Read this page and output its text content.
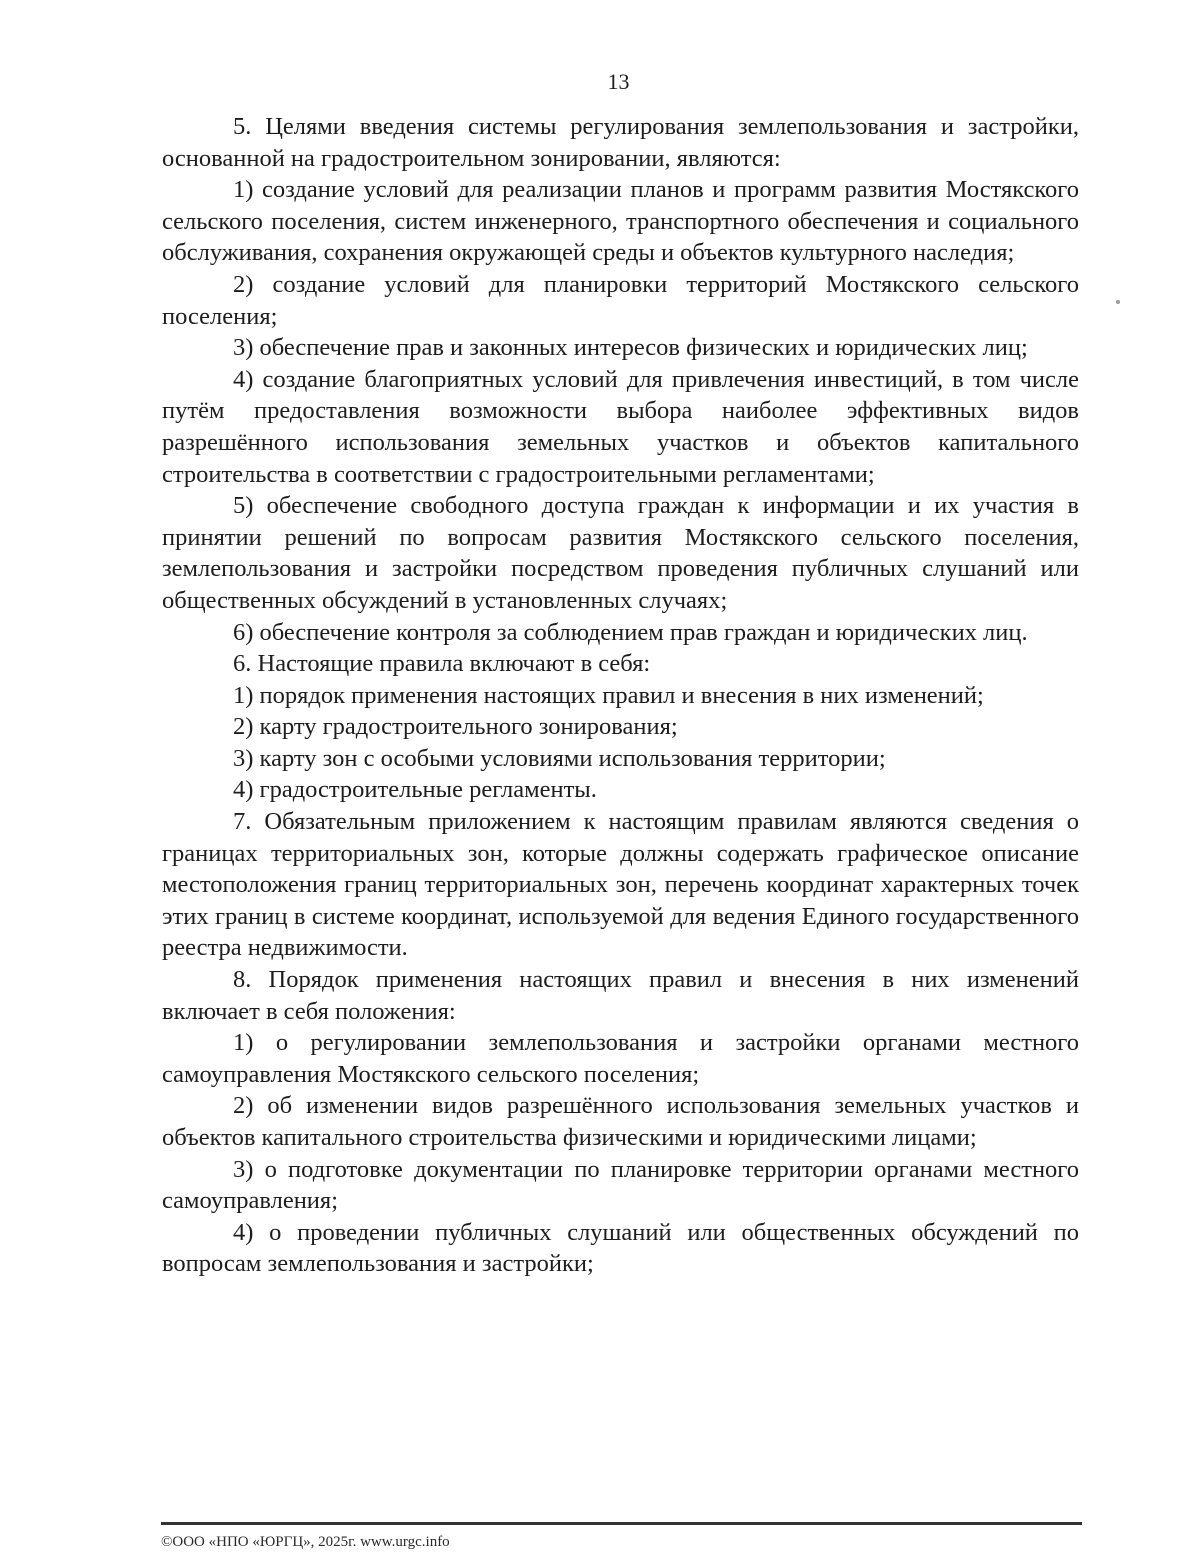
13

5. Целями введения системы регулирования землепользования и застройки, основанной на градостроительном зонировании, являются:

1) создание условий для реализации планов и программ развития Мостякского сельского поселения, систем инженерного, транспортного обеспечения и социального обслуживания, сохранения окружающей среды и объектов культурного наследия;

2) создание условий для планировки территорий Мостякского сельского поселения;

3) обеспечение прав и законных интересов физических и юридических лиц;

4) создание благоприятных условий для привлечения инвестиций, в том числе путём предоставления возможности выбора наиболее эффективных видов разрешённого использования земельных участков и объектов капитального строительства в соответствии с градостроительными регламентами;

5) обеспечение свободного доступа граждан к информации и их участия в принятии решений по вопросам развития Мостякского сельского поселения, землепользования и застройки посредством проведения публичных слушаний или общественных обсуждений в установленных случаях;

6) обеспечение контроля за соблюдением прав граждан и юридических лиц.

6. Настоящие правила включают в себя:

1) порядок применения настоящих правил и внесения в них изменений;

2) карту градостроительного зонирования;

3) карту зон с особыми условиями использования территории;

4) градостроительные регламенты.

7. Обязательным приложением к настоящим правилам являются сведения о границах территориальных зон, которые должны содержать графическое описание местоположения границ территориальных зон, перечень координат характерных точек этих границ в системе координат, используемой для ведения Единого государственного реестра недвижимости.

8. Порядок применения настоящих правил и внесения в них изменений включает в себя положения:

1) о регулировании землепользования и застройки органами местного самоуправления Мостякского сельского поселения;

2) об изменении видов разрешённого использования земельных участков и объектов капитального строительства физическими и юридическими лицами;

3) о подготовке документации по планировке территории органами местного самоуправления;

4) о проведении публичных слушаний или общественных обсуждений по вопросам землепользования и застройки;

©ООО «НПО «ЮРГЦ», 2025г. www.urgc.info
